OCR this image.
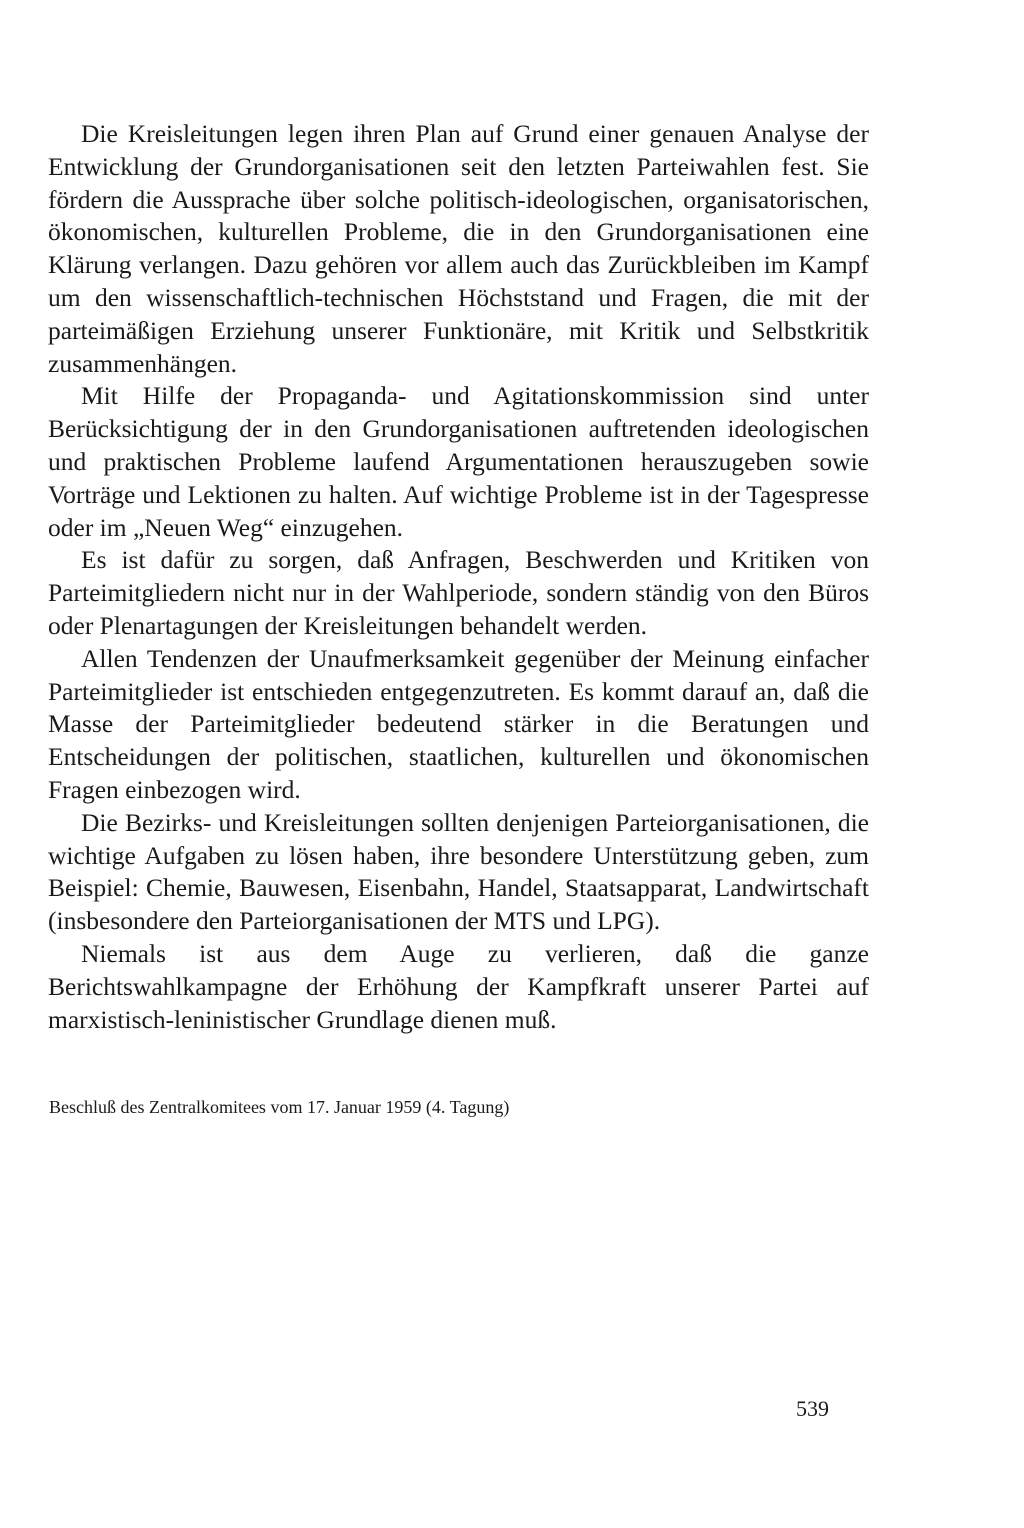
Die Kreisleitungen legen ihren Plan auf Grund einer genauen Analyse der Entwicklung der Grundorganisationen seit den letzten Parteiwahlen fest. Sie fördern die Aussprache über solche politisch-ideologischen, organisatorischen, ökonomischen, kulturellen Probleme, die in den Grundorganisationen eine Klärung verlangen. Dazu gehören vor allem auch das Zurückbleiben im Kampf um den wissenschaftlich-technischen Höchststand und Fragen, die mit der parteimäßigen Erziehung unserer Funktionäre, mit Kritik und Selbstkritik zusammenhängen.

Mit Hilfe der Propaganda- und Agitationskommission sind unter Berücksichtigung der in den Grundorganisationen auftretenden ideologischen und praktischen Probleme laufend Argumentationen herauszugeben sowie Vorträge und Lektionen zu halten. Auf wichtige Probleme ist in der Tagespresse oder im „Neuen Weg“ einzugehen.

Es ist dafür zu sorgen, daß Anfragen, Beschwerden und Kritiken von Parteimitgliedern nicht nur in der Wahlperiode, sondern ständig von den Büros oder Plenartagungen der Kreisleitungen behandelt werden.

Allen Tendenzen der Unaufmerksamkeit gegenüber der Meinung einfacher Parteimitglieder ist entschieden entgegenzutreten. Es kommt darauf an, daß die Masse der Parteimitglieder bedeutend stärker in die Beratungen und Entscheidungen der politischen, staatlichen, kulturellen und ökonomischen Fragen einbezogen wird.

Die Bezirks- und Kreisleitungen sollten denjenigen Parteiorganisationen, die wichtige Aufgaben zu lösen haben, ihre besondere Unterstützung geben, zum Beispiel: Chemie, Bauwesen, Eisenbahn, Handel, Staatsapparat, Landwirtschaft (insbesondere den Parteiorganisationen der MTS und LPG).

Niemals ist aus dem Auge zu verlieren, daß die ganze Berichtswahlkampagne der Erhöhung der Kampfkraft unserer Partei auf marxistisch-leninistischer Grundlage dienen muß.

Beschluß des Zentralkomitees vom 17. Januar 1959 (4. Tagung)

539
